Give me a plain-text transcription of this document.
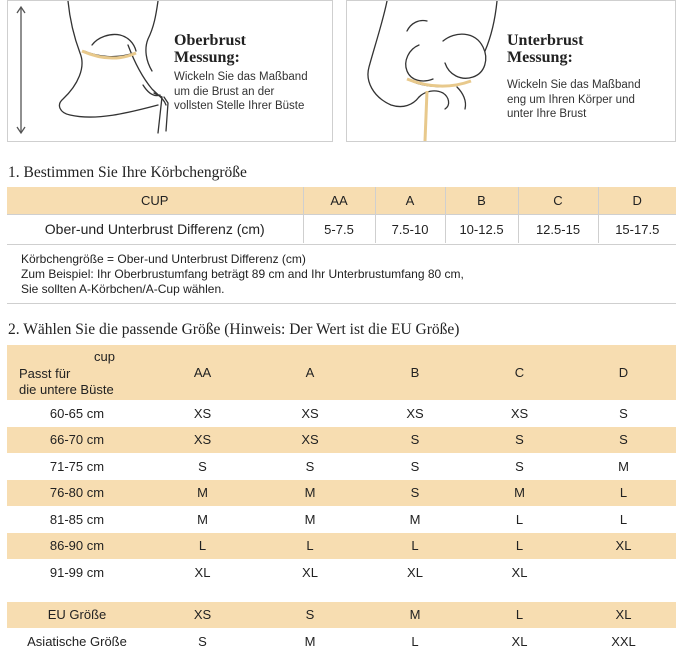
Oberbrust
Messung:
Wickeln Sie das Maßband
um die Brust an der
vollsten Stelle Ihrer Büste
Unterbrust
Messung:
Wickeln Sie das Maßband
eng um Ihren Körper und
unter Ihre Brust
1. Bestimmen Sie Ihre Körbchengröße
CUP	AA	A	B	C	D
Ober-und Unterbrust Differenz (cm)	5-7.5	7.5-10	10-12.5	12.5-15	15-17.5
Körbchengröße = Ober-und Unterbrust Differenz (cm)
Zum Beispiel: Ihr Oberbrustumfang beträgt 89 cm and Ihr Unterbrustumfang 80 cm,
Sie sollten A-Körbchen/A-Cup wählen.
2. Wählen Sie die passende Größe (Hinweis: Der Wert ist die EU Größe)
cup
Passt für
die untere Büste	AA	A	B	C	D
60-65 cm	XS	XS	XS	XS	S
66-70 cm	XS	XS	S	S	S
71-75 cm	S	S	S	S	M
76-80 cm	M	M	S	M	L
81-85 cm	M	M	M	L	L
86-90 cm	L	L	L	L	XL
91-99 cm	XL	XL	XL	XL	

EU Größe	XS	S	M	L	XL
Asiatische Größe	S	M	L	XL	XXL
